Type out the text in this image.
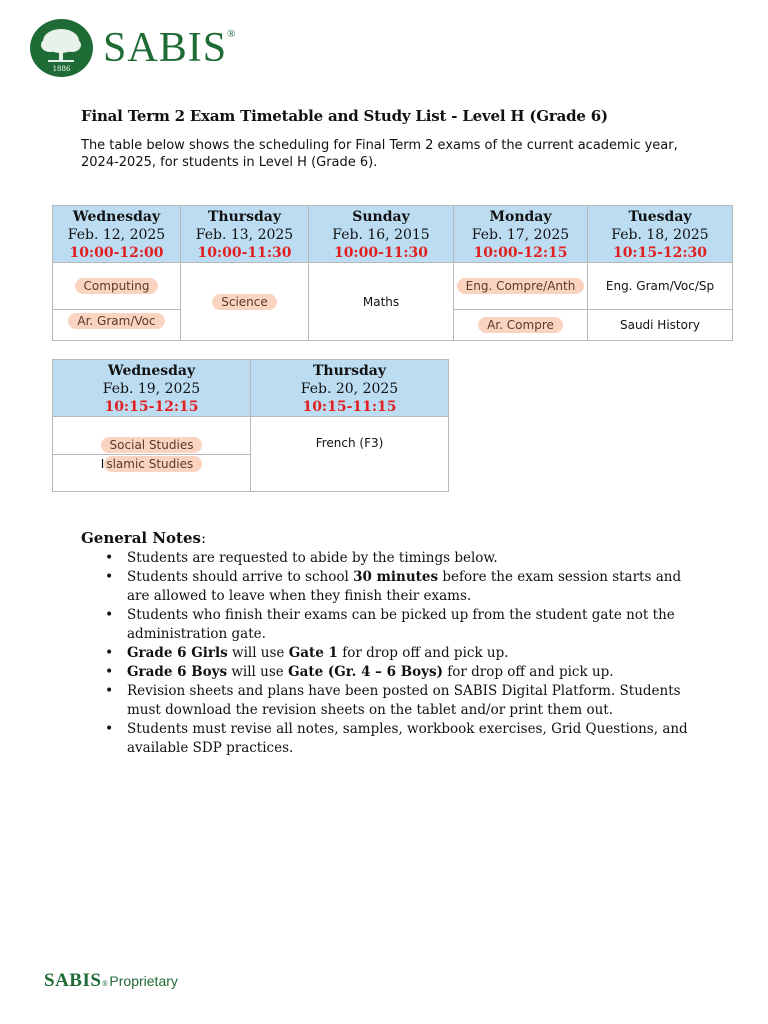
1886 SABIS®
Final Term 2 Exam Timetable and Study List - Level H (Grade 6)
The table below shows the scheduling for Final Term 2 exams of the current academic year, 2024-2025, for students in Level H (Grade 6).
Wednesday
Feb. 12, 2025
10:00-12:00	Thursday
Feb. 13, 2025
10:00-11:30	Sunday
Feb. 16, 2015
10:00-11:30	Monday
Feb. 17, 2025
10:00-12:15	Tuesday
Feb. 18, 2025
10:15-12:30

Computing	Science	Maths	Eng. Compre/Anth	Eng. Gram/Voc/Sp
Ar. Gram/Voc			Ar. Compre	Saudi History
Wednesday
Feb. 19, 2025
10:15-12:15	Thursday
Feb. 20, 2025
10:15-11:15

Social Studies	French (F3)
I slamic Studies	
General Notes:
• Students are requested to abide by the timings below.
• Students should arrive to school 30 minutes before the exam session starts and are allowed to leave when they finish their exams.
• Students who finish their exams can be picked up from the student gate not the administration gate.
• Grade 6 Girls will use Gate 1 for drop off and pick up.
• Grade 6 Boys will use Gate (Gr. 4 – 6 Boys) for drop off and pick up.
• Revision sheets and plans have been posted on SABIS Digital Platform. Students must download the revision sheets on the tablet and/or print them out.
• Students must revise all notes, samples, workbook exercises, Grid Questions, and available SDP practices.
SABIS ® Proprietary
